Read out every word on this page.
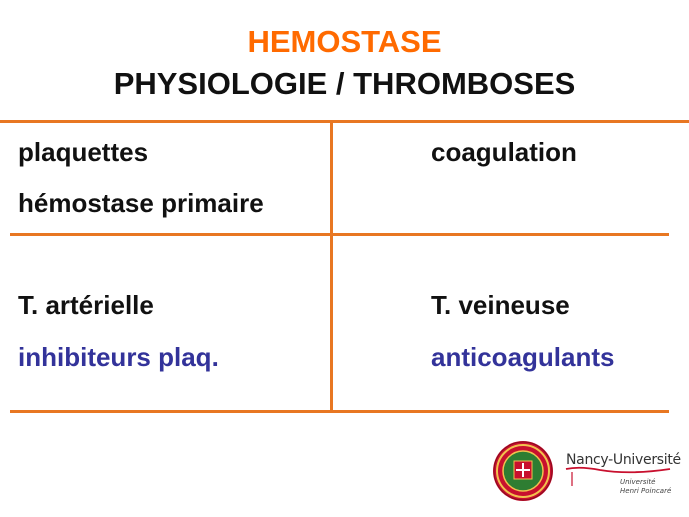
HEMOSTASE
PHYSIOLOGIE / THROMBOSES
plaquettes
hémostase primaire
coagulation
T. artérielle
inhibiteurs plaq.
T. veineuse
anticoagulants
Nancy-Université
Université
Henri Poincaré
